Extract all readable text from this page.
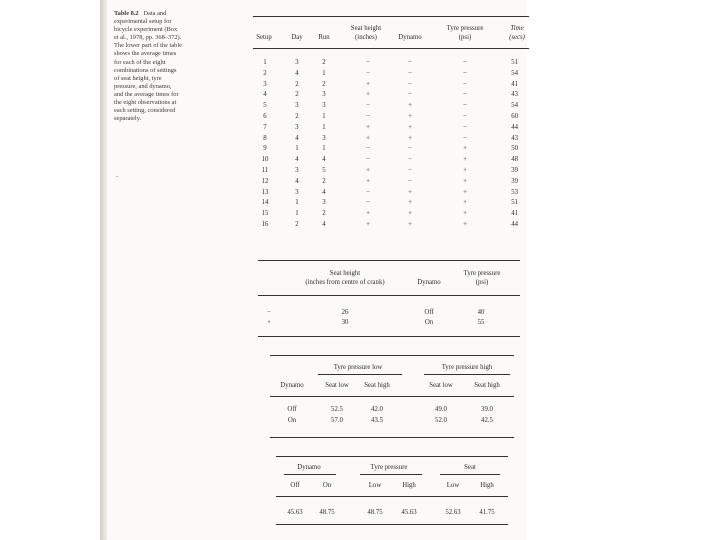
Table 8.2 Data and
experimental setup for
bicycle experiment (Box
et al., 1978, pp. 368–372).
The lower part of the table
shows the average times
for each of the eight
combinations of settings
of seat height, tyre
pressure, and dynamo,
and the average times for
the eight observations at
each setting, considered
separately.
-
Setup	Day	Run
Seat height
(inches)	Dynamo
Tyre pressure
(psi)
Time
(secs)
1	3	2	−	−	−	51
2	4	1	−	−	−	54
3	2	2	+	−	−	41
4	2	3	+	−	−	43
5	3	3	−	+	−	54
6	2	1	−	+	−	60
7	3	1	+	+	−	44
8	4	3	+	+	−	43
9	1	1	−	−	+	50
10	4	4	−	−	+	48
11	3	5	+	−	+	39
12	4	2	+	−	+	39
13	3	4	−	+	+	53
14	1	3	−	+	+	51
15	1	2	+	+	+	41
16	2	4	+	+	+	44
Seat height
(inches from centre of crank)	Dynamo
Tyre pressure
(psi)
−	26	Off	40
+	30	On	55
Tyre pressure low	Tyre pressure high
Dynamo	Seat low	Seat high	Seat low	Seat high
Off	52.5	42.0	49.0	39.0
On	57.0	43.5	52.0	42.5
Dynamo	Tyre pressure	Seat
Off	On	Low	High	Low	High
45.63	48.75	48.75	45.63	52.63	41.75
